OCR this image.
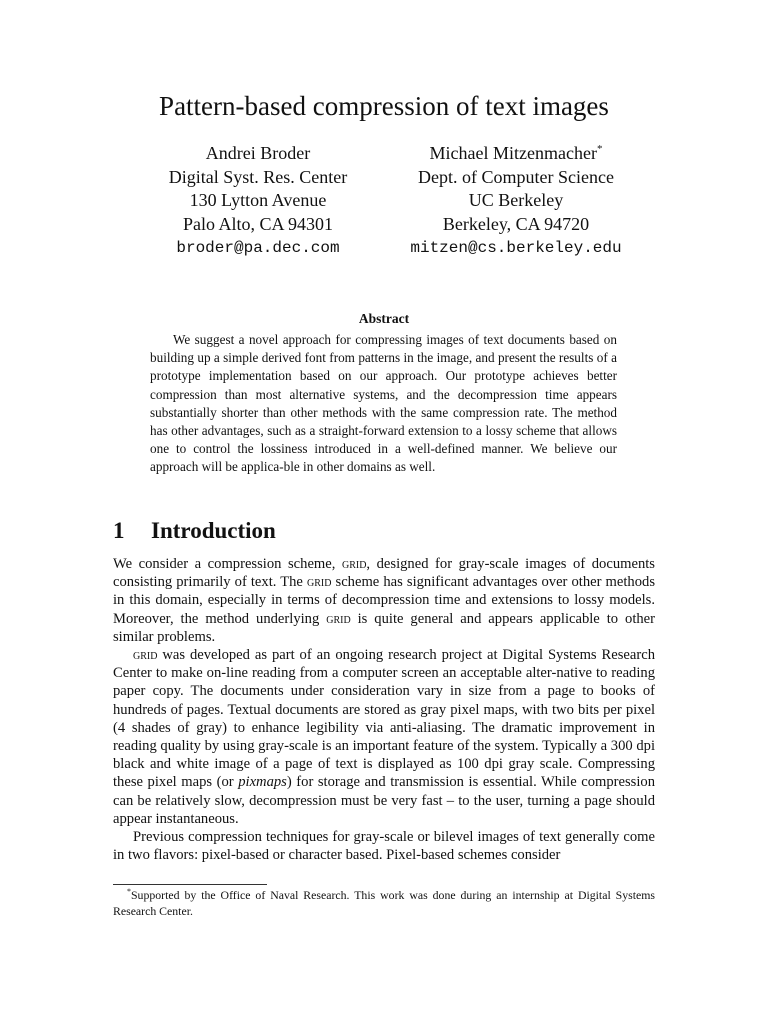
Pattern-based compression of text images
Andrei Broder
Digital Syst. Res. Center
130 Lytton Avenue
Palo Alto, CA 94301
broder@pa.dec.com
Michael Mitzenmacher*
Dept. of Computer Science
UC Berkeley
Berkeley, CA 94720
mitzen@cs.berkeley.edu
Abstract

We suggest a novel approach for compressing images of text documents based on building up a simple derived font from patterns in the image, and present the results of a prototype implementation based on our approach. Our prototype achieves better compression than most alternative systems, and the decompression time appears substantially shorter than other methods with the same compression rate. The method has other advantages, such as a straight-forward extension to a lossy scheme that allows one to control the lossiness introduced in a well-defined manner. We believe our approach will be applica-ble in other domains as well.

1 Introduction

We consider a compression scheme, grid, designed for gray-scale images of documents consisting primarily of text. The grid scheme has significant advantages over other methods in this domain, especially in terms of decompression time and extensions to lossy models. Moreover, the method underlying grid is quite general and appears applicable to other similar problems.

grid was developed as part of an ongoing research project at Digital Systems Research Center to make on-line reading from a computer screen an acceptable alter-native to reading paper copy. The documents under consideration vary in size from a page to books of hundreds of pages. Textual documents are stored as gray pixel maps, with two bits per pixel (4 shades of gray) to enhance legibility via anti-aliasing. The dramatic improvement in reading quality by using gray-scale is an important feature of the system. Typically a 300 dpi black and white image of a page of text is displayed as 100 dpi gray scale. Compressing these pixel maps (or pixmaps) for storage and transmission is essential. While compression can be relatively slow, decompression must be very fast – to the user, turning a page should appear instantaneous.

Previous compression techniques for gray-scale or bilevel images of text generally come in two flavors: pixel-based or character based. Pixel-based schemes consider

*Supported by the Office of Naval Research. This work was done during an internship at Digital Systems Research Center.
